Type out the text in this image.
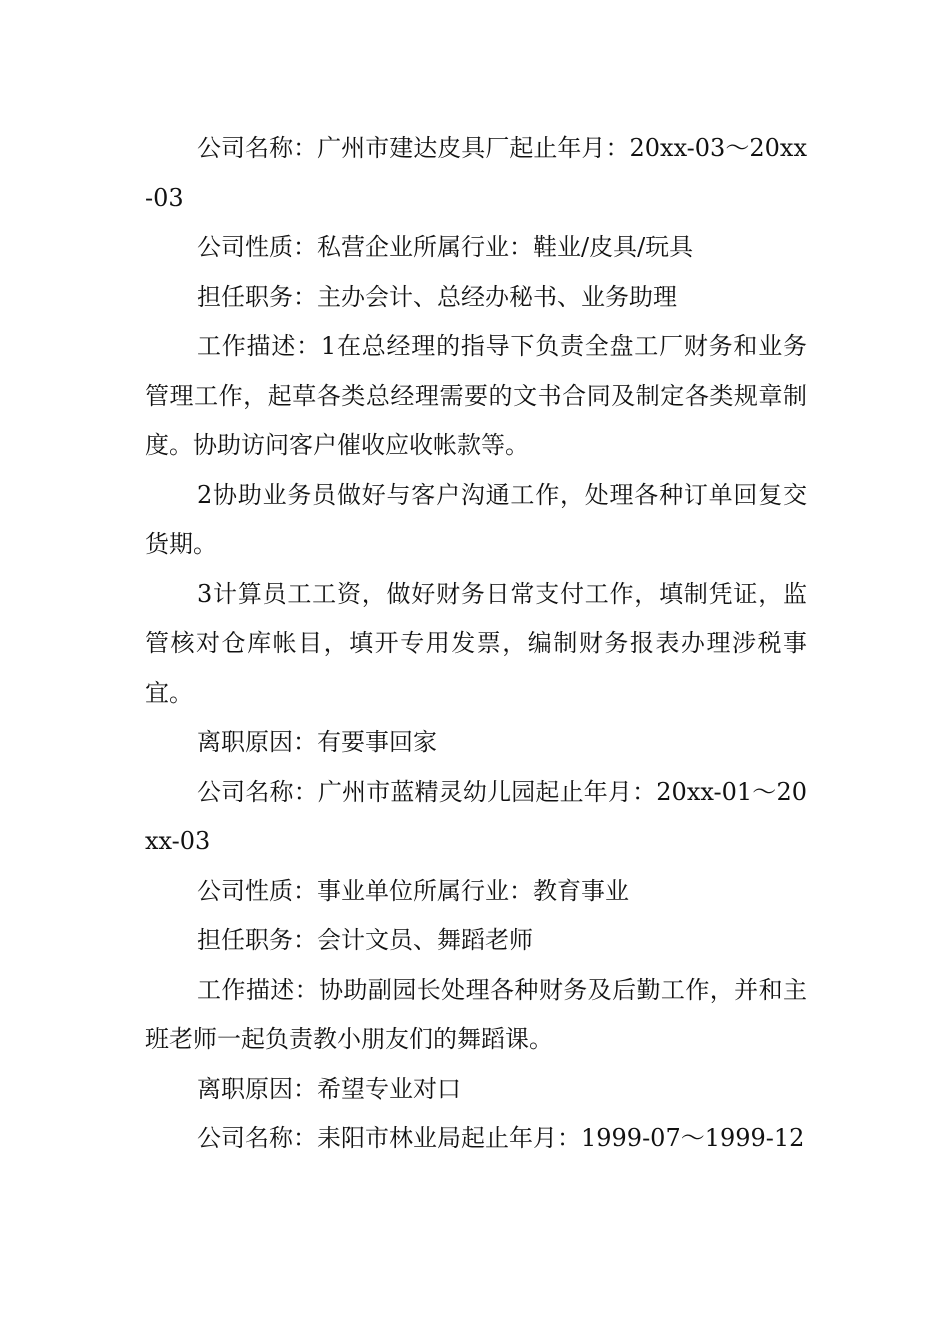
公司名称：广州市建达皮具厂起止年月：20xx-03～20xx-03

公司性质：私营企业所属行业：鞋业/皮具/玩具

担任职务：主办会计、总经办秘书、业务助理

工作描述：1在总经理的指导下负责全盘工厂财务和业务管理工作，起草各类总经理需要的文书合同及制定各类规章制度。协助访问客户催收应收帐款等。

2协助业务员做好与客户沟通工作，处理各种订单回复交货期。

3计算员工工资，做好财务日常支付工作，填制凭证，监管核对仓库帐目，填开专用发票，编制财务报表办理涉税事宜。

离职原因：有要事回家

公司名称：广州市蓝精灵幼儿园起止年月：20xx-01～20xx-03

公司性质：事业单位所属行业：教育事业

担任职务：会计文员、舞蹈老师

工作描述：协助副园长处理各种财务及后勤工作，并和主班老师一起负责教小朋友们的舞蹈课。

离职原因：希望专业对口

公司名称：耒阳市林业局起止年月：1999-07～1999-12
